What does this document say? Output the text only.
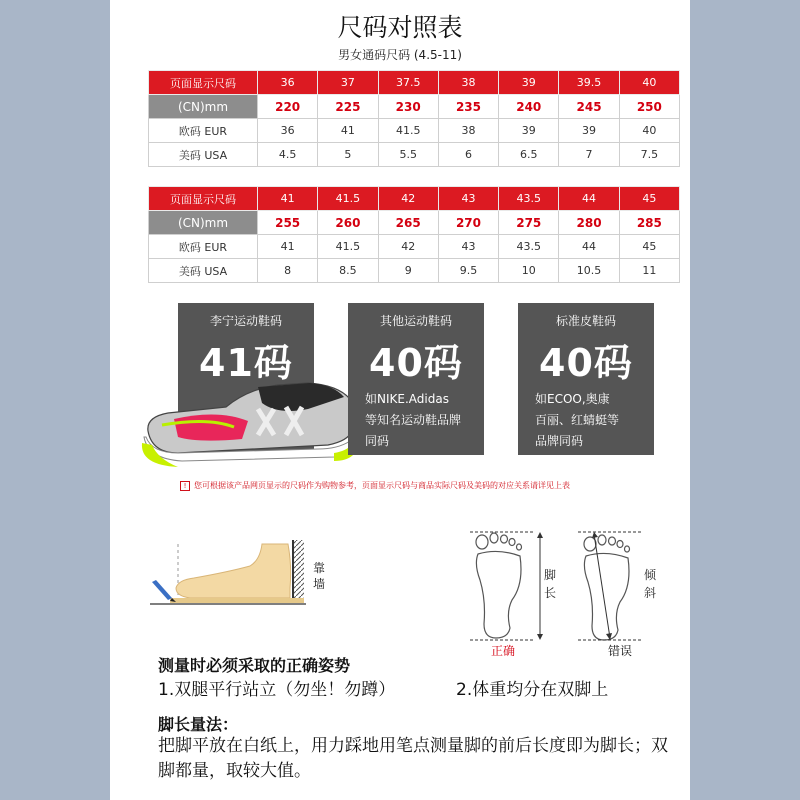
尺码对照表
男女通码尺码 (4.5-11)
页面显示尺码	36	37	37.5	38	39	39.5	40
(CN)mm	220	225	230	235	240	245	250
欧码 EUR	36	41	41.5	38	39	39	40
美码 USA	4.5	5	5.5	6	6.5	7	7.5
页面显示尺码	41	41.5	42	43	43.5	44	45
(CN)mm	255	260	265	270	275	280	285
欧码 EUR	41	41.5	42	43	43.5	44	45
美码 USA	8	8.5	9	9.5	10	10.5	11
李宁运动鞋码
41码
其他运动鞋码
40码
如NIKE.Adidas
等知名运动鞋品牌
同码
标准皮鞋码
40码
如ECOO,奥康
百丽、红蜻蜓等
品牌同码
! 您可根据该产品网页显示的尺码作为购物参考，页面显示尺码与商品实际尺码及美码的对应关系请详见上表
靠墙
脚长
倾斜
正确	错误
测量时必须采取的正确姿势
1.双腿平行站立（勿坐！勿蹲）	2.体重均分在双脚上
脚长量法：
把脚平放在白纸上，用力踩地用笔点测量脚的前后长度即为脚长；双脚都量，取较大值。
